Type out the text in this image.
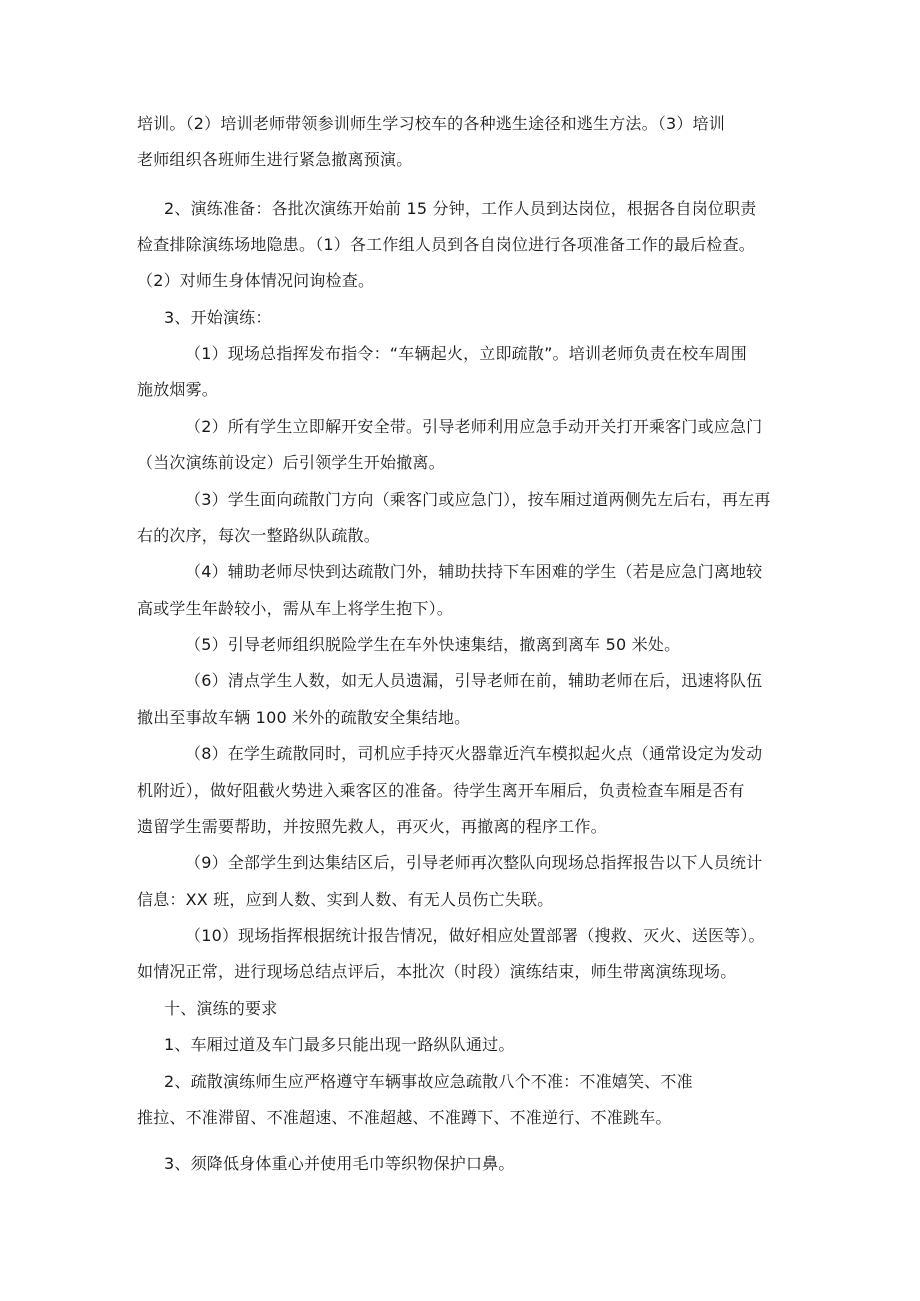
培训。（2）培训老师带领参训师生学习校车的各种逃生途径和逃生方法。（3）培训
老师组织各班师生进行紧急撤离预演。
2、演练准备：各批次演练开始前 15 分钟，工作人员到达岗位，根据各自岗位职责
检查排除演练场地隐患。（1）各工作组人员到各自岗位进行各项准备工作的最后检查。
（2）对师生身体情况问询检查。
3、开始演练：
（1）现场总指挥发布指令：“车辆起火，立即疏散”。培训老师负责在校车周围
施放烟雾。
（2）所有学生立即解开安全带。引导老师利用应急手动开关打开乘客门或应急门
（当次演练前设定）后引领学生开始撤离。
（3）学生面向疏散门方向（乘客门或应急门），按车厢过道两侧先左后右，再左再
右的次序，每次一整路纵队疏散。
（4）辅助老师尽快到达疏散门外，辅助扶持下车困难的学生（若是应急门离地较
高或学生年龄较小，需从车上将学生抱下）。
（5）引导老师组织脱险学生在车外快速集结，撤离到离车 50 米处。
（6）清点学生人数，如无人员遗漏，引导老师在前，辅助老师在后，迅速将队伍
撤出至事故车辆 100 米外的疏散安全集结地。
（8）在学生疏散同时，司机应手持灭火器靠近汽车模拟起火点（通常设定为发动
机附近），做好阻截火势进入乘客区的准备。待学生离开车厢后，负责检查车厢是否有
遗留学生需要帮助，并按照先救人，再灭火，再撤离的程序工作。
（9）全部学生到达集结区后，引导老师再次整队向现场总指挥报告以下人员统计
信息：XX 班，应到人数、实到人数、有无人员伤亡失联。
（10）现场指挥根据统计报告情况，做好相应处置部署（搜救、灭火、送医等）。
如情况正常，进行现场总结点评后，本批次（时段）演练结束，师生带离演练现场。
十、演练的要求
1、车厢过道及车门最多只能出现一路纵队通过。
2、疏散演练师生应严格遵守车辆事故应急疏散八个不准：不准嬉笑、不准
推拉、不准滞留、不准超速、不准超越、不准蹲下、不准逆行、不准跳车。
3、须降低身体重心并使用毛巾等织物保护口鼻。
